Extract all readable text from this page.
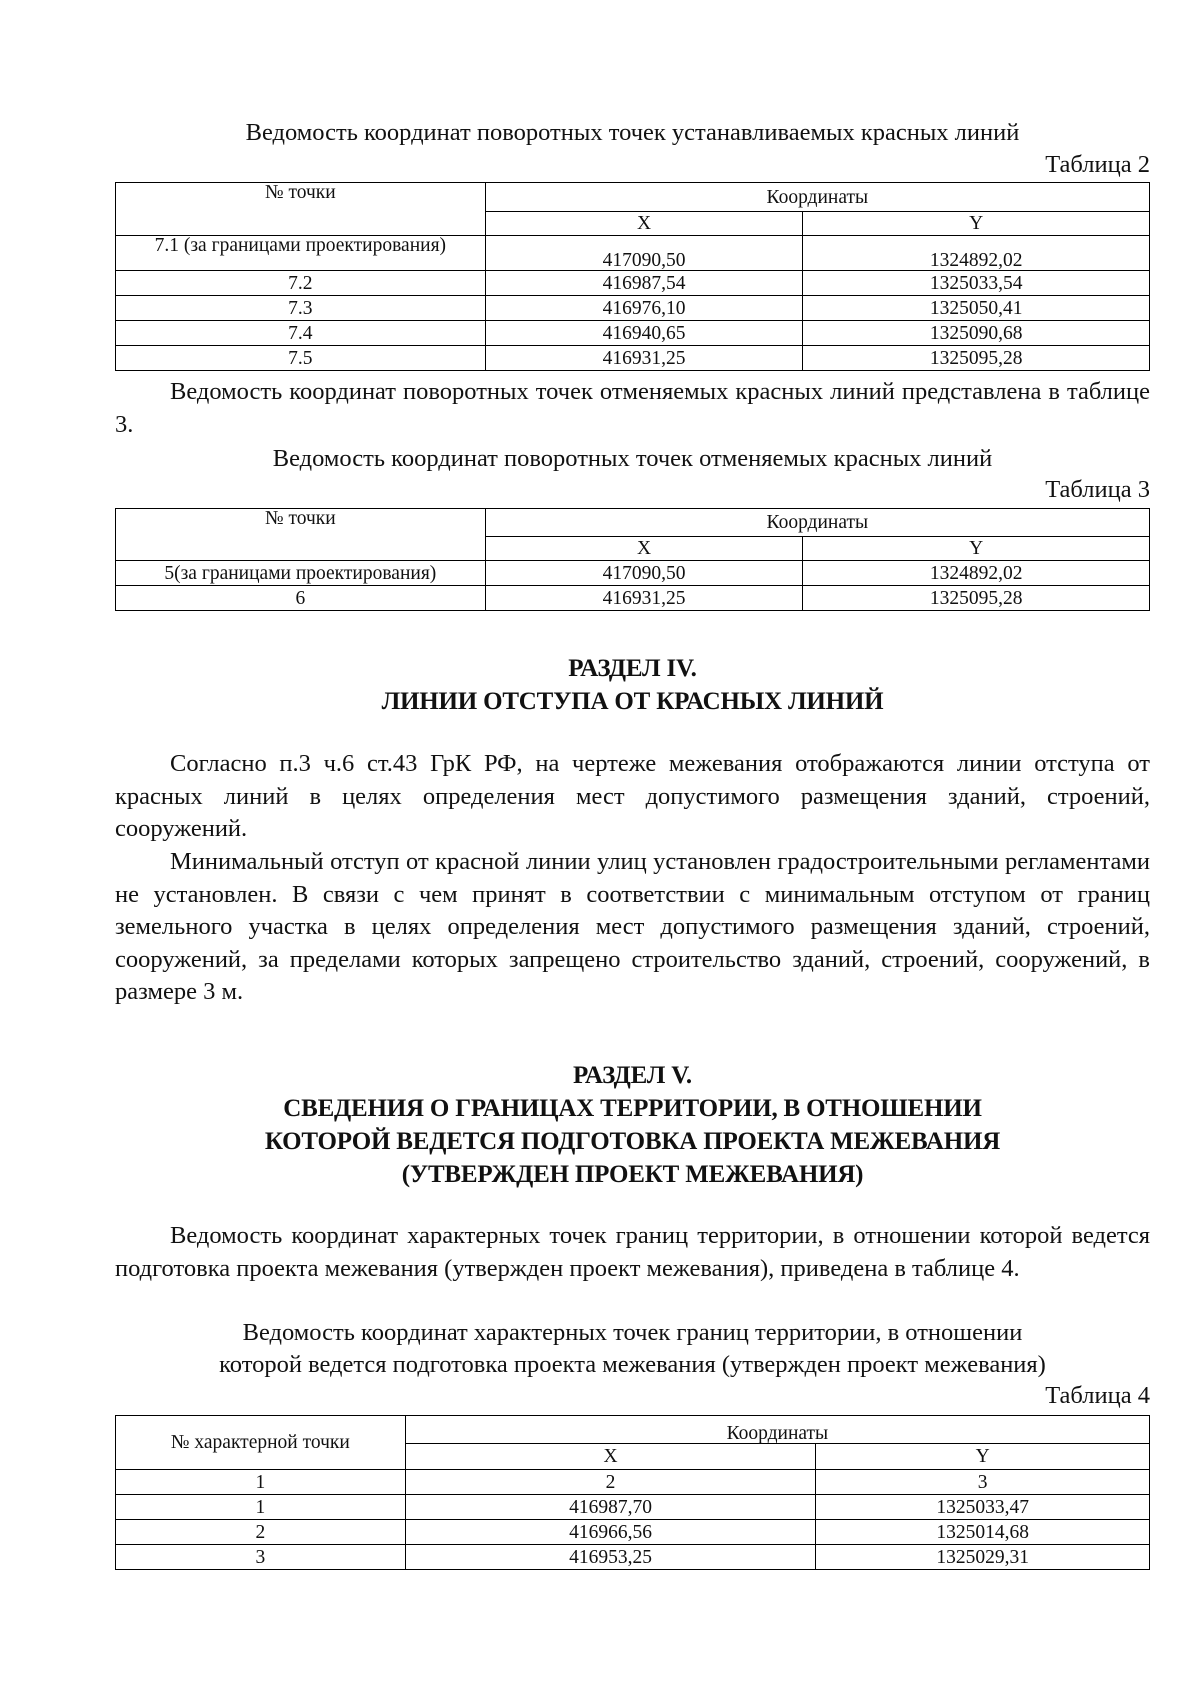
Ведомость координат поворотных точек устанавливаемых красных линий
Таблица 2
№ точки	Координаты	
	X	Y
7.1 (за границами проектирования)	417090,50	1324892,02
7.2	416987,54	1325033,54
7.3	416976,10	1325050,41
7.4	416940,65	1325090,68
7.5	416931,25	1325095,28

Ведомость координат поворотных точек отменяемых красных линий представлена в таблице 3.

Ведомость координат поворотных точек отменяемых красных линий
Таблица 3
№ точки	Координаты	
	X	Y
5(за границами проектирования)	417090,50	1324892,02
6	416931,25	1325095,28
РАЗДЕЛ IV.
ЛИНИИ ОТСТУПА ОТ КРАСНЫХ ЛИНИЙ

Согласно п.3 ч.6 ст.43 ГрК РФ, на чертеже межевания отображаются линии отступа от красных линий в целях определения мест допустимого размещения зданий, строений, сооружений.

Минимальный отступ от красной линии улиц установлен градостроительными регламентами не установлен. В связи с чем принят в соответствии с минимальным отступом от границ земельного участка в целях определения мест допустимого размещения зданий, строений, сооружений, за пределами которых запрещено строительство зданий, строений, сооружений, в размере 3 м.

РАЗДЕЛ V.
СВЕДЕНИЯ О ГРАНИЦАХ ТЕРРИТОРИИ, В ОТНОШЕНИИ
КОТОРОЙ ВЕДЕТСЯ ПОДГОТОВКА ПРОЕКТА МЕЖЕВАНИЯ
(УТВЕРЖДЕН ПРОЕКТ МЕЖЕВАНИЯ)

Ведомость координат характерных точек границ территории, в отношении которой ведется подготовка проекта межевания (утвержден проект межевания), приведена в таблице 4.

Ведомость координат характерных точек границ территории, в отношении
которой ведется подготовка проекта межевания (утвержден проект межевания)
Таблица 4
№ характерной точки	Координаты	
	X	Y
1	2	3
1	416987,70	1325033,47
2	416966,56	1325014,68
3	416953,25	1325029,31
